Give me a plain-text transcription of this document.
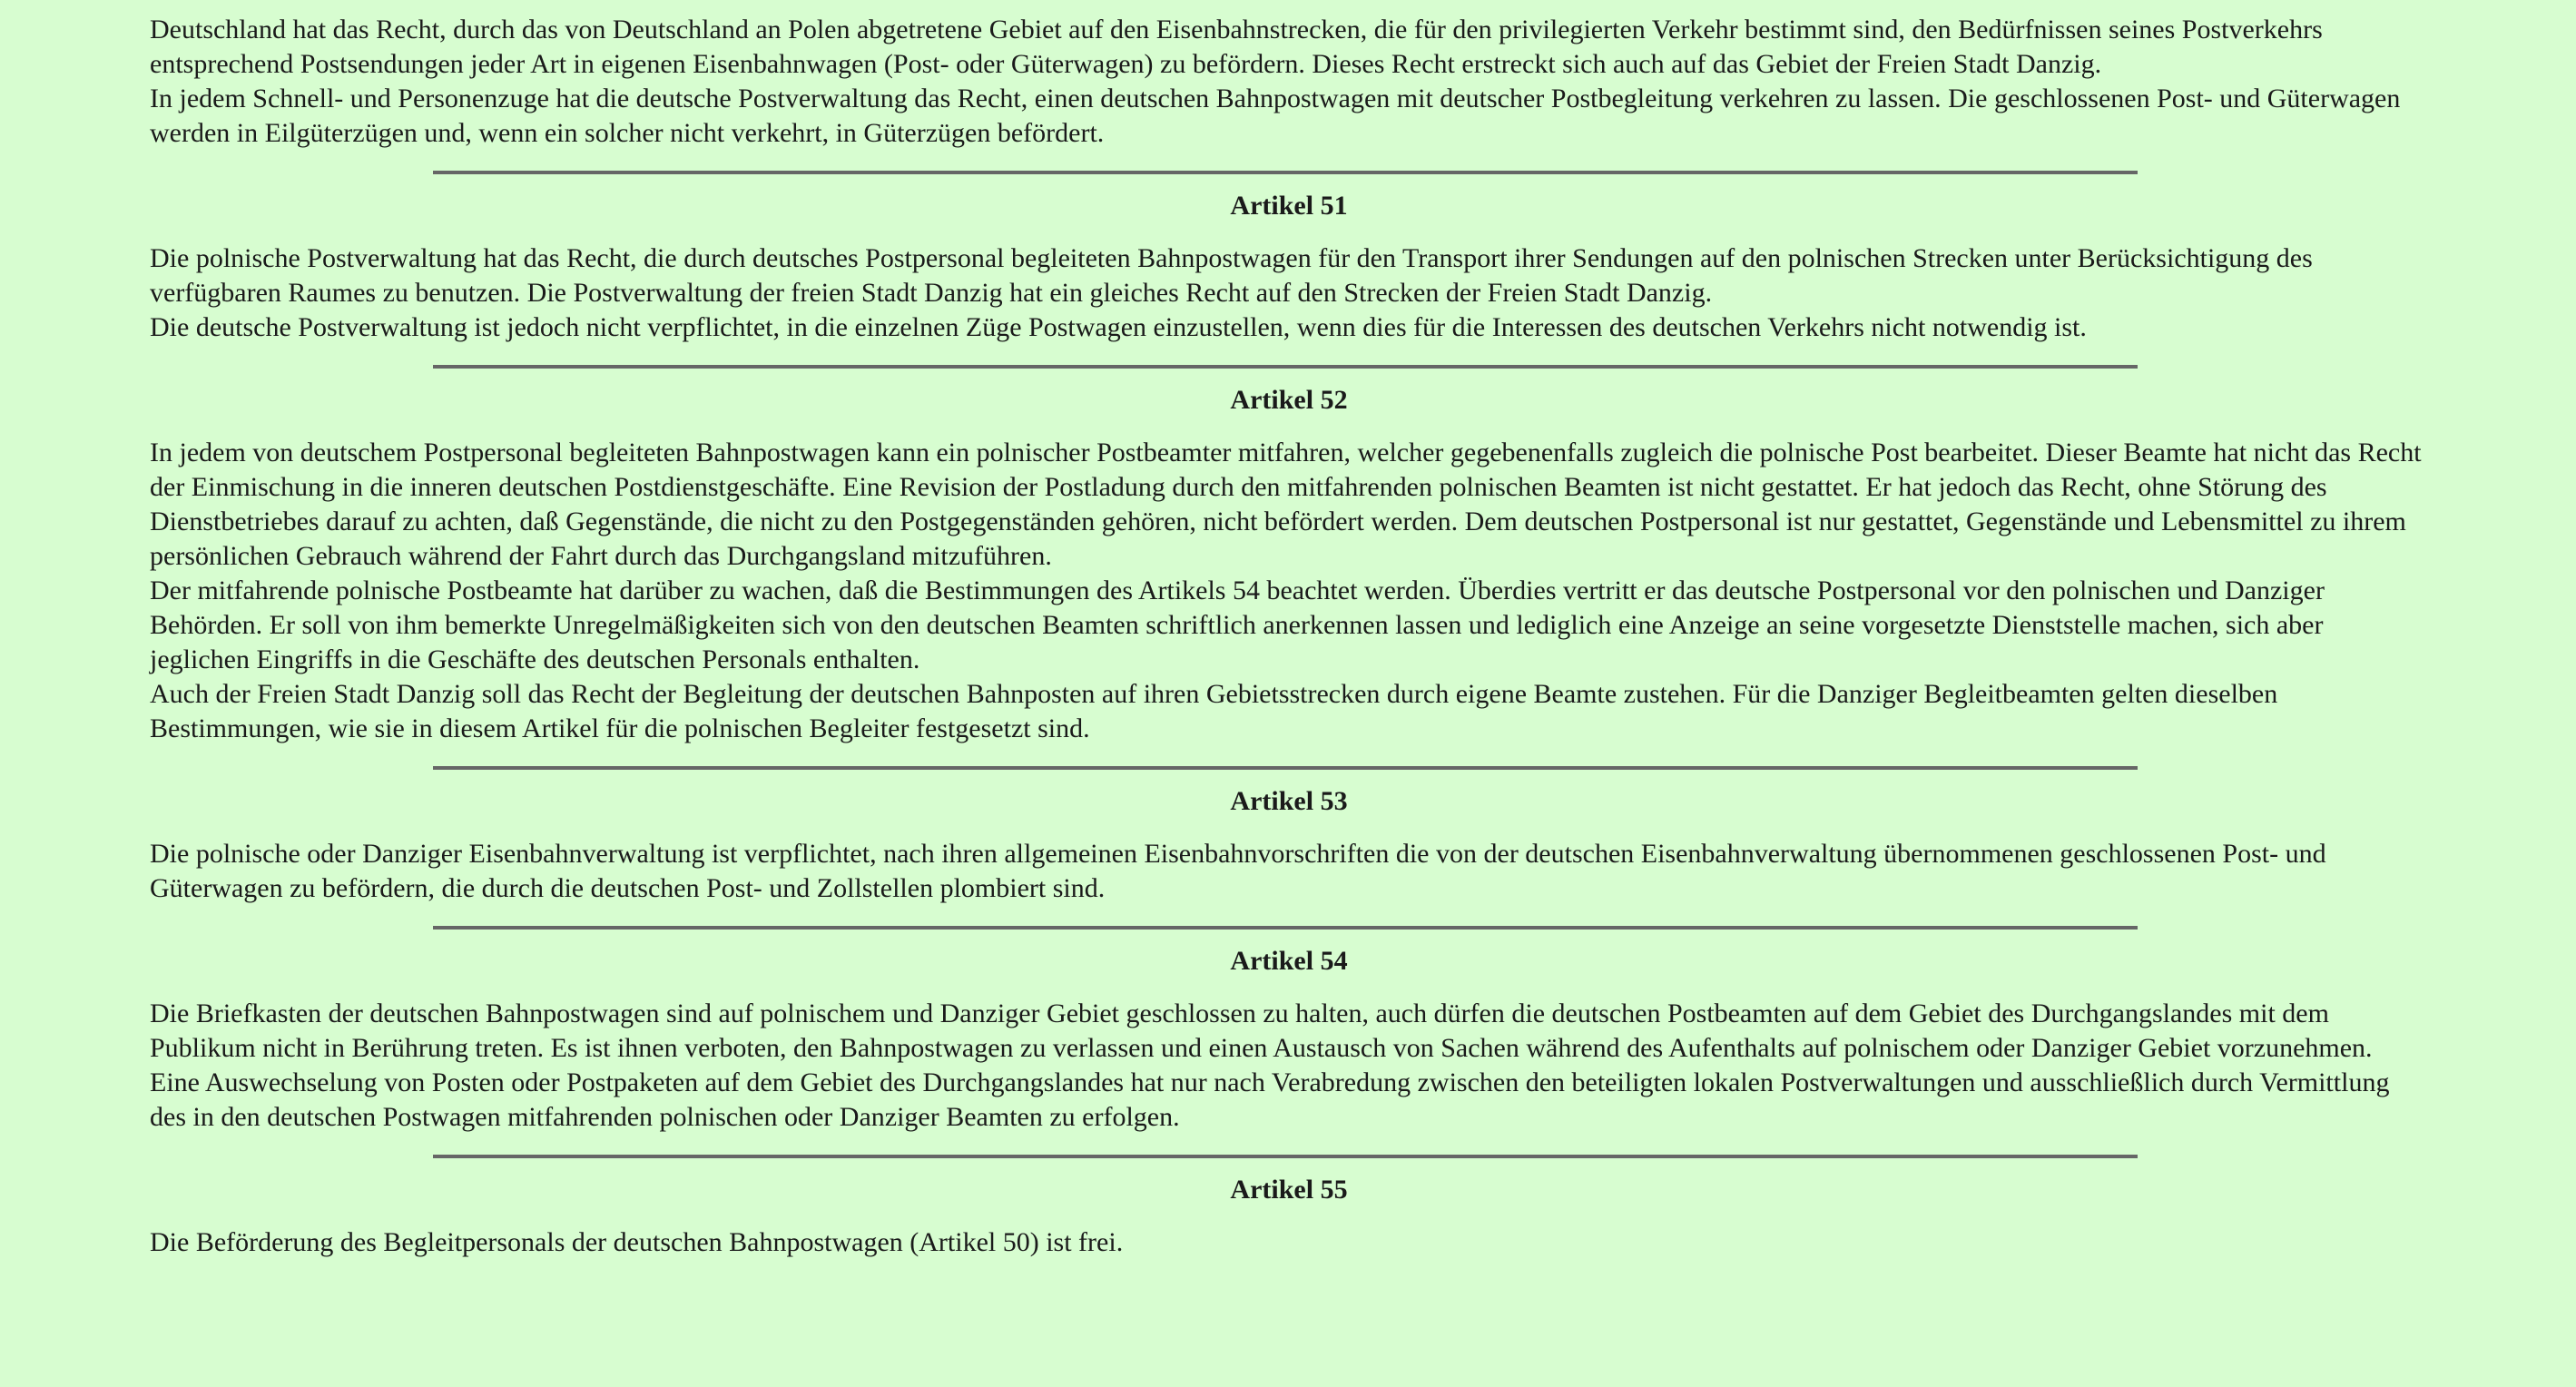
Deutschland hat das Recht, durch das von Deutschland an Polen abgetretene Gebiet auf den Eisenbahnstrecken, die für den privilegierten Verkehr bestimmt sind, den Bedürfnissen seines Postverkehrs entsprechend Postsendungen jeder Art in eigenen Eisenbahnwagen (Post- oder Güterwagen) zu befördern. Dieses Recht erstreckt sich auch auf das Gebiet der Freien Stadt Danzig.

In jedem Schnell- und Personenzuge hat die deutsche Postverwaltung das Recht, einen deutschen Bahnpostwagen mit deutscher Postbegleitung verkehren zu lassen. Die geschlossenen Post- und Güterwagen werden in Eilgüterzügen und, wenn ein solcher nicht verkehrt, in Güterzügen befördert.

Artikel 51

Die polnische Postverwaltung hat das Recht, die durch deutsches Postpersonal begleiteten Bahnpostwagen für den Transport ihrer Sendungen auf den polnischen Strecken unter Berücksichtigung des verfügbaren Raumes zu benutzen. Die Postverwaltung der freien Stadt Danzig hat ein gleiches Recht auf den Strecken der Freien Stadt Danzig.

Die deutsche Postverwaltung ist jedoch nicht verpflichtet, in die einzelnen Züge Postwagen einzustellen, wenn dies für die Interessen des deutschen Verkehrs nicht notwendig ist.

Artikel 52

In jedem von deutschem Postpersonal begleiteten Bahnpostwagen kann ein polnischer Postbeamter mitfahren, welcher gegebenenfalls zugleich die polnische Post bearbeitet. Dieser Beamte hat nicht das Recht der Einmischung in die inneren deutschen Postdienstgeschäfte. Eine Revision der Postladung durch den mitfahrenden polnischen Beamten ist nicht gestattet. Er hat jedoch das Recht, ohne Störung des Dienstbetriebes darauf zu achten, daß Gegenstände, die nicht zu den Postgegenständen gehören, nicht befördert werden. Dem deutschen Postpersonal ist nur gestattet, Gegenstände und Lebensmittel zu ihrem persönlichen Gebrauch während der Fahrt durch das Durchgangsland mitzuführen.

Der mitfahrende polnische Postbeamte hat darüber zu wachen, daß die Bestimmungen des Artikels 54 beachtet werden. Überdies vertritt er das deutsche Postpersonal vor den polnischen und Danziger Behörden. Er soll von ihm bemerkte Unregelmäßigkeiten sich von den deutschen Beamten schriftlich anerkennen lassen und lediglich eine Anzeige an seine vorgesetzte Dienststelle machen, sich aber jeglichen Eingriffs in die Geschäfte des deutschen Personals enthalten.

Auch der Freien Stadt Danzig soll das Recht der Begleitung der deutschen Bahnposten auf ihren Gebietsstrecken durch eigene Beamte zustehen. Für die Danziger Begleitbeamten gelten dieselben Bestimmungen, wie sie in diesem Artikel für die polnischen Begleiter festgesetzt sind.

Artikel 53

Die polnische oder Danziger Eisenbahnverwaltung ist verpflichtet, nach ihren allgemeinen Eisenbahnvorschriften die von der deutschen Eisenbahnverwaltung übernommenen geschlossenen Post- und Güterwagen zu befördern, die durch die deutschen Post- und Zollstellen plombiert sind.

Artikel 54

Die Briefkasten der deutschen Bahnpostwagen sind auf polnischem und Danziger Gebiet geschlossen zu halten, auch dürfen die deutschen Postbeamten auf dem Gebiet des Durchgangslandes mit dem Publikum nicht in Berührung treten. Es ist ihnen verboten, den Bahnpostwagen zu verlassen und einen Austausch von Sachen während des Aufenthalts auf polnischem oder Danziger Gebiet vorzunehmen. Eine Auswechselung von Posten oder Postpaketen auf dem Gebiet des Durchgangslandes hat nur nach Verabredung zwischen den beteiligten lokalen Postverwaltungen und ausschließlich durch Vermittlung des in den deutschen Postwagen mitfahrenden polnischen oder Danziger Beamten zu erfolgen.

Artikel 55

Die Beförderung des Begleitpersonals der deutschen Bahnpostwagen (Artikel 50) ist frei.
